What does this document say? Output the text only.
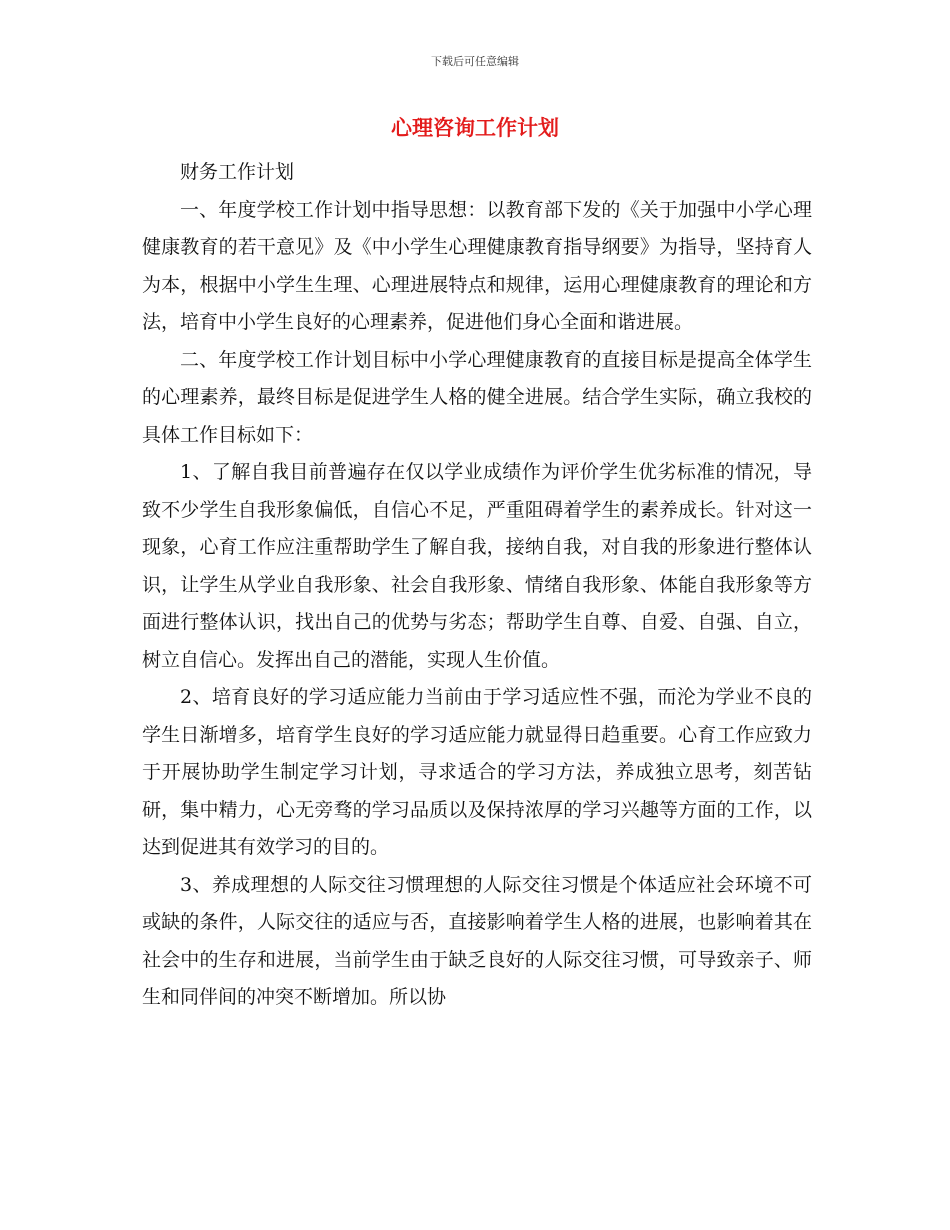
下载后可任意编辑
心理咨询工作计划

财务工作计划

一、年度学校工作计划中指导思想：以教育部下发的《关于加强中小学心理健康教育的若干意见》及《中小学生心理健康教育指导纲要》为指导，坚持育人为本，根据中小学生生理、心理进展特点和规律，运用心理健康教育的理论和方法，培育中小学生良好的心理素养，促进他们身心全面和谐进展。

二、年度学校工作计划目标中小学心理健康教育的直接目标是提高全体学生的心理素养，最终目标是促进学生人格的健全进展。结合学生实际，确立我校的具体工作目标如下：

1、了解自我目前普遍存在仅以学业成绩作为评价学生优劣标准的情况，导致不少学生自我形象偏低，自信心不足，严重阻碍着学生的素养成长。针对这一现象，心育工作应注重帮助学生了解自我，接纳自我，对自我的形象进行整体认识，让学生从学业自我形象、社会自我形象、情绪自我形象、体能自我形象等方面进行整体认识，找出自己的优势与劣态；帮助学生自尊、自爱、自强、自立，树立自信心。发挥出自己的潜能，实现人生价值。

2、培育良好的学习适应能力当前由于学习适应性不强，而沦为学业不良的学生日渐增多，培育学生良好的学习适应能力就显得日趋重要。心育工作应致力于开展协助学生制定学习计划，寻求适合的学习方法，养成独立思考，刻苦钻研，集中精力，心无旁骛的学习品质以及保持浓厚的学习兴趣等方面的工作，以达到促进其有效学习的目的。

3、养成理想的人际交往习惯理想的人际交往习惯是个体适应社会环境不可或缺的条件，人际交往的适应与否，直接影响着学生人格的进展，也影响着其在社会中的生存和进展，当前学生由于缺乏良好的人际交往习惯，可导致亲子、师生和同伴间的冲突不断增加。所以协
